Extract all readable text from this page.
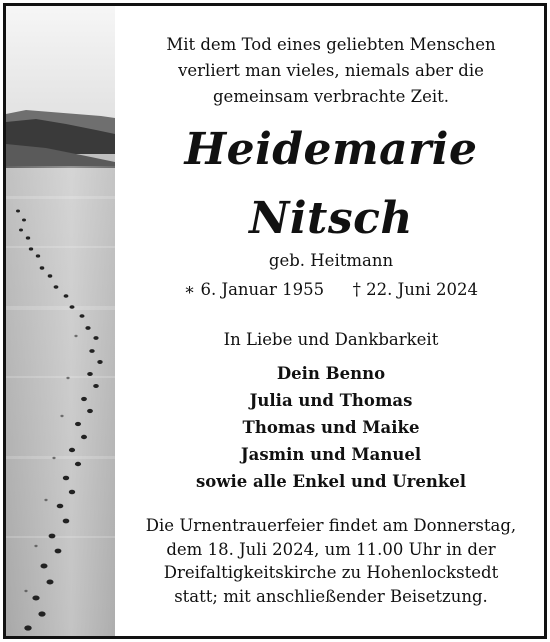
Mit dem Tod eines geliebten Menschen
verliert man vieles, niemals aber die
gemeinsam verbrachte Zeit.
Heidemarie
Nitsch
geb. Heitmann
∗ 6. Januar 1955 † 22. Juni 2024
In Liebe und Dankbarkeit
Dein Benno
Julia und Thomas
Thomas und Maike
Jasmin und Manuel
sowie alle Enkel und Urenkel
Die Urnentrauerfeier findet am Donnerstag,
dem 18. Juli 2024, um 11.00 Uhr in der
Dreifaltigkeitskirche zu Hohenlockstedt
statt; mit anschließender Beisetzung.
